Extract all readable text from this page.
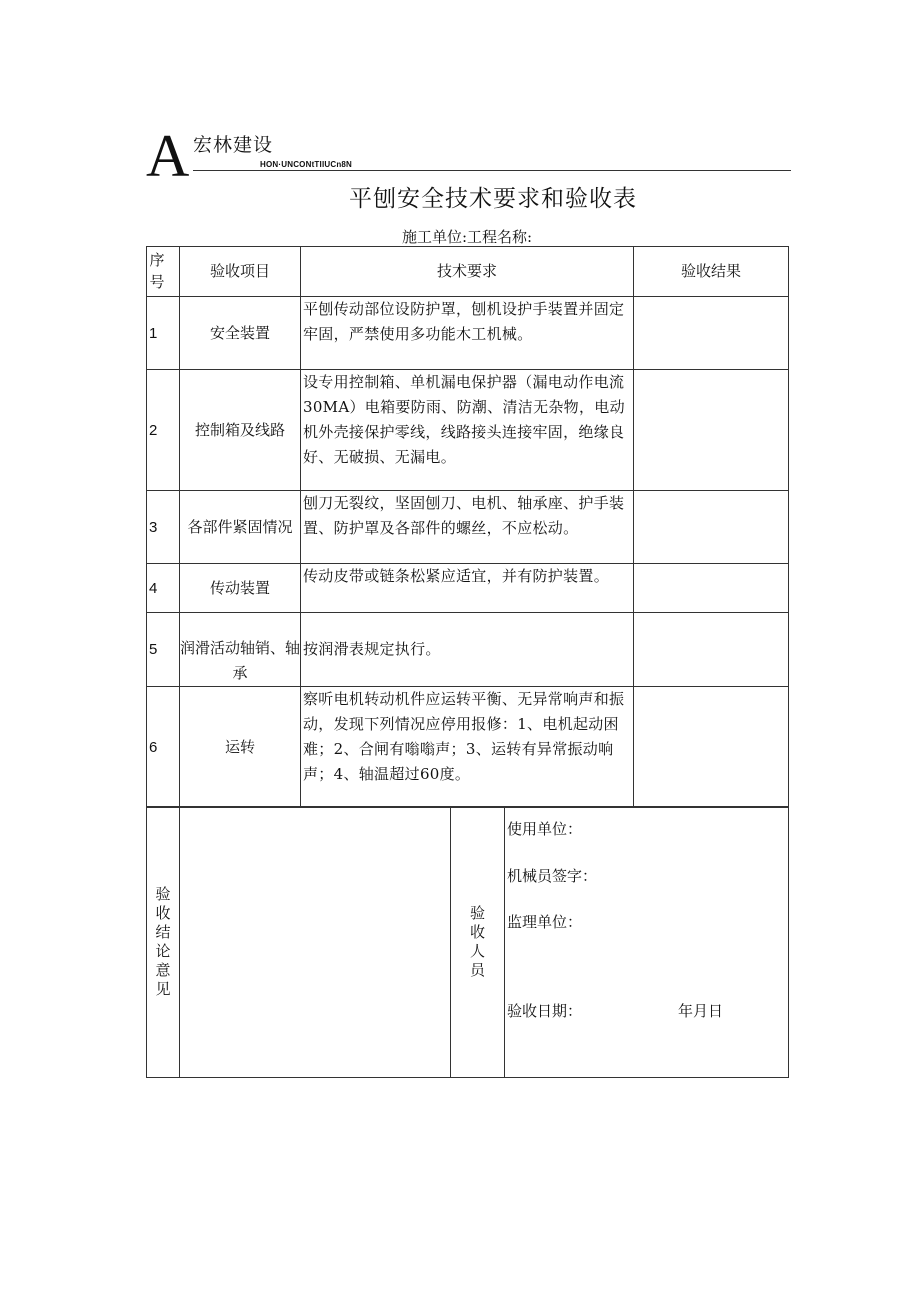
A 宏林建设
HON·UNCONtTIIUCn8N
平刨安全技术要求和验收表
施工单位:工程名称:
序号	验收项目	技术要求	验收结果
1	安全装置	平刨传动部位设防护罩，刨机设护手装置并固定牢固，严禁使用多功能木工机械。	
2	控制箱及线路	设专用控制箱、单机漏电保护器（漏电动作电流30MA）电箱要防雨、防潮、清洁无杂物，电动机外壳接保护零线，线路接头连接牢固，绝缘良好、无破损、无漏电。	
3	各部件紧固情况	刨刀无裂纹，坚固刨刀、电机、轴承座、护手装置、防护罩及各部件的螺丝，不应松动。	
4	传动装置	传动皮带或链条松紧应适宜，并有防护装置。	
5	润滑活动轴销、轴承	按润滑表规定执行。	
6	运转	察听电机转动机件应运转平衡、无异常响声和振动，发现下列情况应停用报修：1、电机起动困难；2、合闸有嗡嗡声；3、运转有异常振动响声；4、轴温超过60度。	
验收结论意见

验收人员

使用单位：
机械员签字：
监理单位：
验收日期：	年月日
